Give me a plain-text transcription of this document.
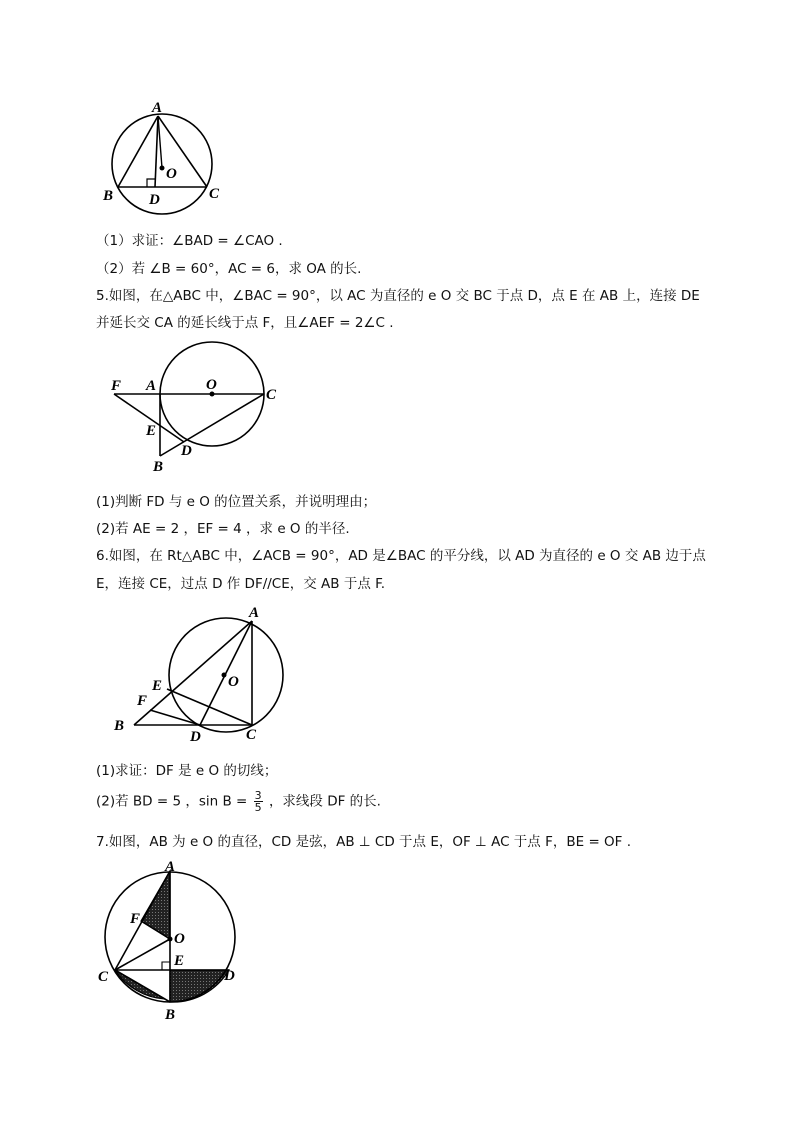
A
O
B D	C
（1）求证：∠BAD = ∠CAO .
（2）若 ∠B = 60°，AC = 6，求 OA 的长.
5.如图，在△ABC 中，∠BAC = 90°，以 AC 为直径的 e O 交 BC 于点 D，点 E 在 AB 上，连接 DE
并延长交 CA 的延长线于点 F，且∠AEF = 2∠C .
F A	O
C
E
D
B
(1)判断 FD 与 e O 的位置关系，并说明理由；
(2)若 AE = 2 ，EF = 4 ，求 e O 的半径.
6.如图，在 Rt△ABC 中，∠ACB = 90°，AD 是∠BAC 的平分线，以 AD 为直径的 e O 交 AB 边于点
E，连接 CE，过点 D 作 DF//CE，交 AB 于点 F.
A
E	O
F
B
D	C
(1)求证：DF 是 e O 的切线；
(2)若 BD = 5 ，$\sin B = \frac{3}{5}$ ，求线段 DF 的长.
7.如图，AB 为 e O 的直径，CD 是弦，AB ⊥ CD 于点 E，OF ⊥ AC 于点 F，BE = OF .
A
F
O
C
E
D
B
